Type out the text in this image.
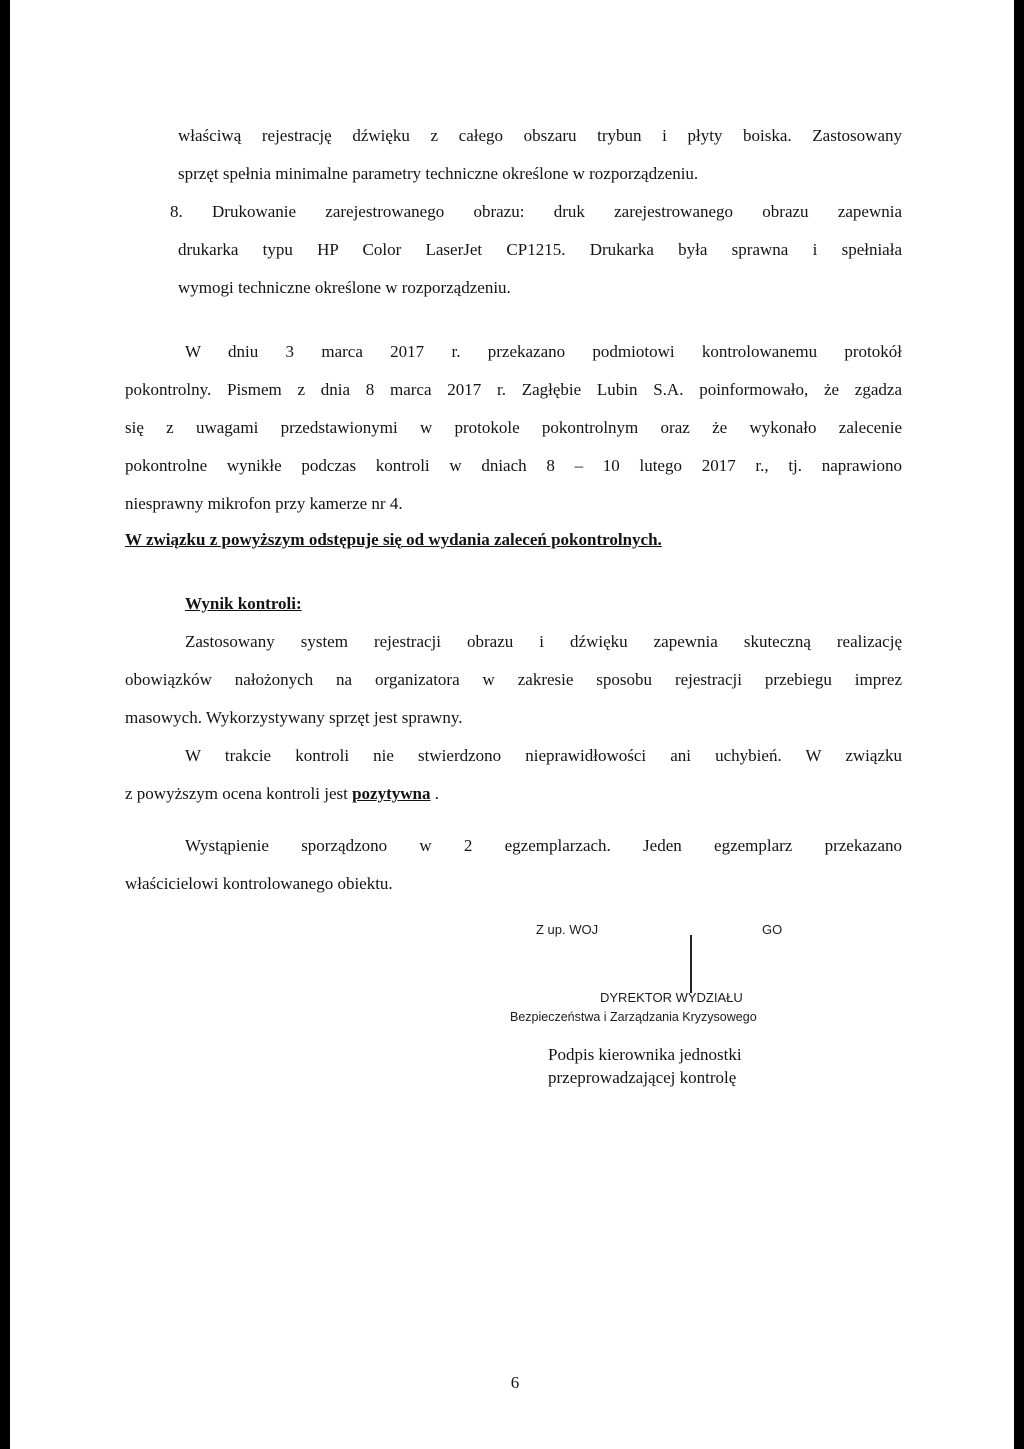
właściwą rejestrację dźwięku z całego obszaru trybun i płyty boiska. Zastosowany

sprzęt spełnia minimalne parametry techniczne określone w rozporządzeniu.

8. Drukowanie zarejestrowanego obrazu: druk zarejestrowanego obrazu zapewnia

drukarka typu HP Color LaserJet CP1215. Drukarka była sprawna i spełniała

wymogi techniczne określone w rozporządzeniu.

W dniu 3 marca 2017 r. przekazano podmiotowi kontrolowanemu protokół

pokontrolny. Pismem z dnia 8 marca 2017 r. Zagłębie Lubin S.A. poinformowało, że zgadza

się z uwagami przedstawionymi w protokole pokontrolnym oraz że wykonało zalecenie

pokontrolne wynikłe podczas kontroli w dniach 8 – 10 lutego 2017 r., tj. naprawiono

niesprawny mikrofon przy kamerze nr 4.

W związku z powyższym odstępuje się od wydania zaleceń pokontrolnych.

Wynik kontroli:

Zastosowany system rejestracji obrazu i dźwięku zapewnia skuteczną realizację

obowiązków nałożonych na organizatora w zakresie sposobu rejestracji przebiegu imprez

masowych. Wykorzystywany sprzęt jest sprawny.

W trakcie kontroli nie stwierdzono nieprawidłowości ani uchybień. W związku

z powyższym ocena kontroli jest pozytywna .

Wystąpienie sporządzono w 2 egzemplarzach. Jeden egzemplarz przekazano

właścicielowi kontrolowanego obiektu.

Z up. WOJ	GO
DYREKTOR WYDZIAŁU
Bezpieczeństwa i Zarządzania Kryzysowego
Podpis kierownika jednostki
przeprowadzającej kontrolę
6
